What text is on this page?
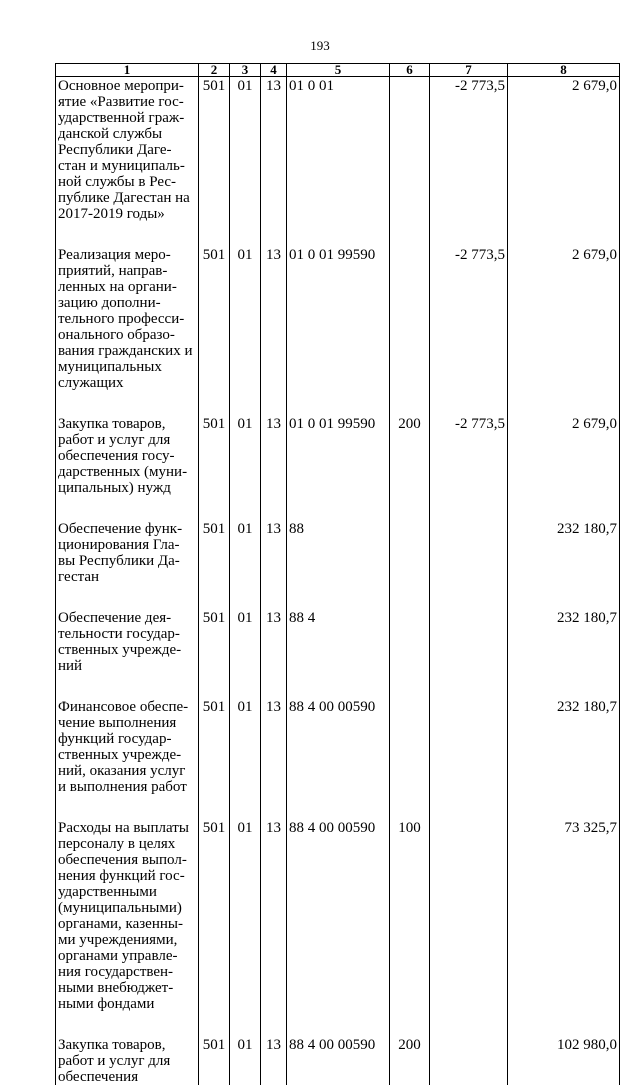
193
1	2	3	4	5	6	7	8
Основное меропри-ятие «Развитие гос-ударственной граж-данской службы Республики Даге-стан и муниципаль-ной службы в Рес-публике Дагестан на 2017-2019 годы»	501	01	13	01 0 01		-2 773,5	2 679,0
Реализация меро-приятий, направ-ленных на органи-зацию дополни-тельного професси-онального образо-вания гражданских и муниципальных служащих	501	01	13	01 0 01 99590		-2 773,5	2 679,0
Закупка товаров, работ и услуг для обеспечения госу-дарственных (муни-ципальных) нужд	501	01	13	01 0 01 99590	200	-2 773,5	2 679,0
Обеспечение функ-ционирования Гла-вы Республики Да-гестан	501	01	13	88			232 180,7
Обеспечение дея-тельности государ-ственных учрежде-ний	501	01	13	88 4			232 180,7
Финансовое обеспе-чение выполнения функций государ-ственных учрежде-ний, оказания услуг и выполнения работ	501	01	13	88 4 00 00590			232 180,7
Расходы на выплаты персоналу в целях обеспечения выпол-нения функций гос-ударственными (муниципальными) органами, казенны-ми учреждениями, органами управле-ния государствен-ными внебюджет-ными фондами	501	01	13	88 4 00 00590	100		73 325,7
Закупка товаров, работ и услуг для обеспечения	501	01	13	88 4 00 00590	200		102 980,0
